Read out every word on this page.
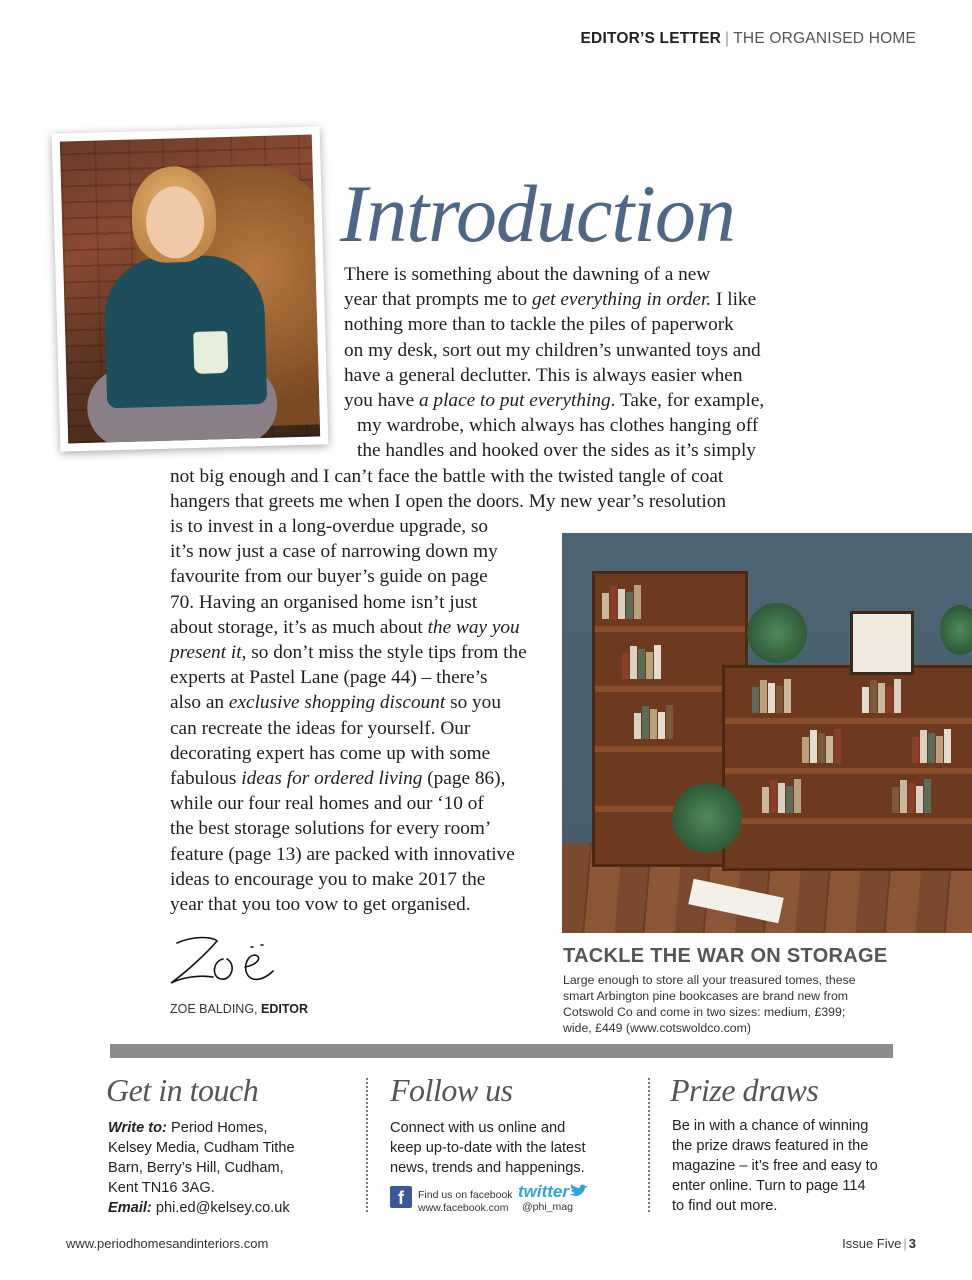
EDITOR’S LETTER | THE ORGANISED HOME
Introduction
There is something about the dawning of a new
year that prompts me to get everything in order. I like
nothing more than to tackle the piles of paperwork
on my desk, sort out my children’s unwanted toys and
have a general declutter. This is always easier when
you have a place to put everything. Take, for example,
my wardrobe, which always has clothes hanging off
the handles and hooked over the sides as it’s simply
not big enough and I can’t face the battle with the twisted tangle of coat
hangers that greets me when I open the doors. My new year’s resolution
is to invest in a long-overdue upgrade, so
it’s now just a case of narrowing down my
favourite from our buyer’s guide on page
70. Having an organised home isn’t just
about storage, it’s as much about the way you
present it, so don’t miss the style tips from the
experts at Pastel Lane (page 44) – there’s
also an exclusive shopping discount so you
can recreate the ideas for yourself. Our
decorating expert has come up with some
fabulous ideas for ordered living (page 86),
while our four real homes and our ‘10 of
the best storage solutions for every room’
feature (page 13) are packed with innovative
ideas to encourage you to make 2017 the
year that you too vow to get organised.
TACKLE THE WAR ON STORAGE
Large enough to store all your treasured tomes, these
smart Arbington pine bookcases are brand new from
Cotswold Co and come in two sizes: medium, £399;
wide, £449 (www.cotswoldco.com)
ZOE BALDING, EDITOR
Get in touch
Write to: Period Homes,
Kelsey Media, Cudham Tithe
Barn, Berry’s Hill, Cudham,
Kent TN16 3AG.
Email: phi.ed@kelsey.co.uk
Follow us
Connect with us online and
keep up-to-date with the latest
news, trends and happenings.
f	Find us on facebook
www.facebook.com
twitter
@phi_mag
Prize draws
Be in with a chance of winning
the prize draws featured in the
magazine – it’s free and easy to
enter online. Turn to page 114
to find out more.
www.periodhomesandinteriors.com	Issue Five | 3
